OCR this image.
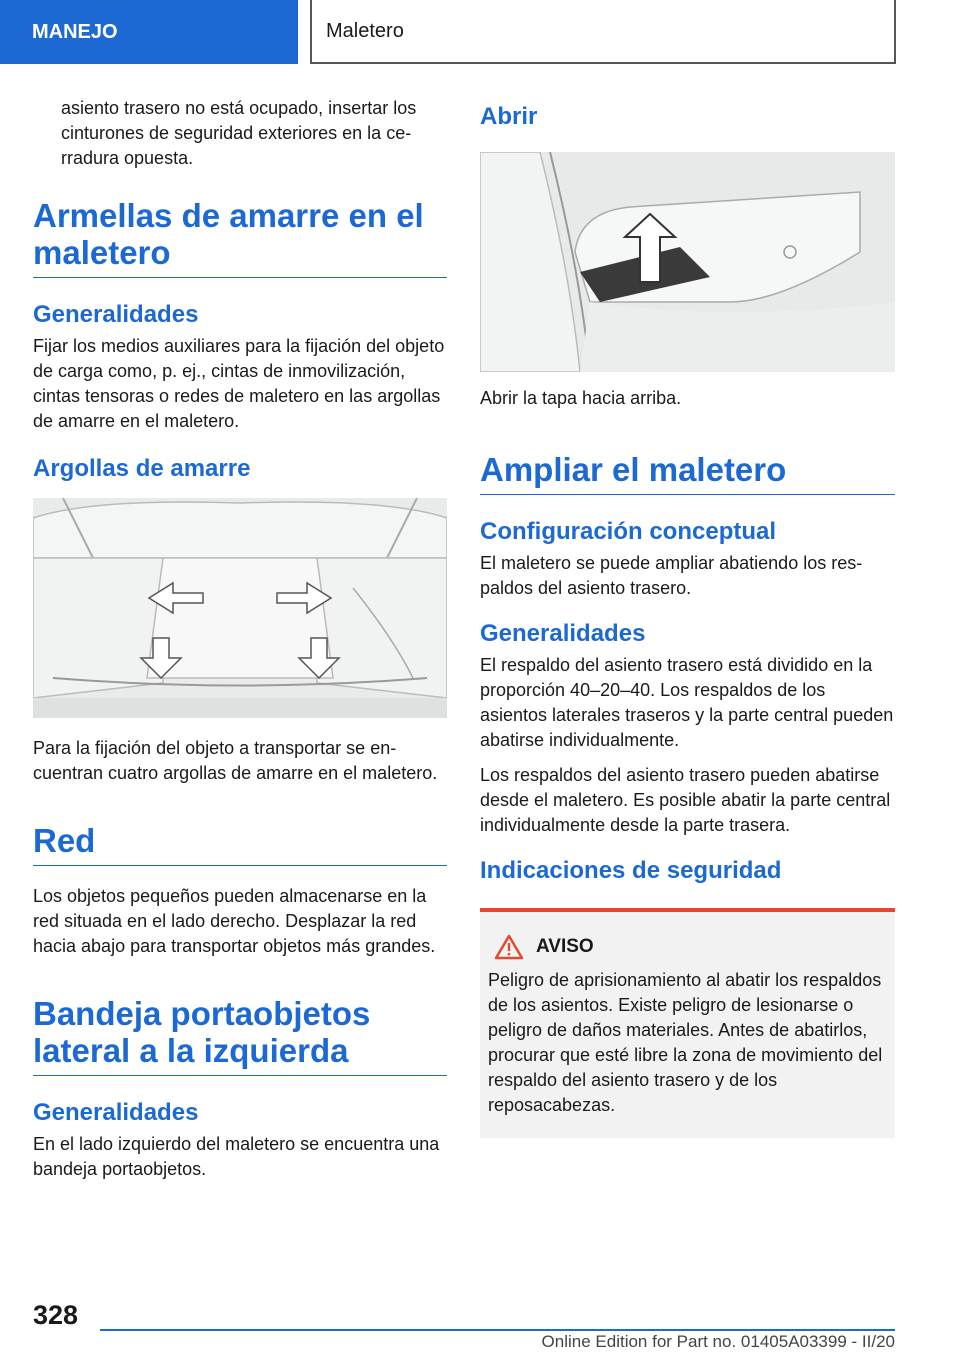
MANEJO	Maletero

asiento trasero no está ocupado, insertar los cinturones de seguridad exteriores en la cerradura opuesta.

Armellas de amarre en el maletero
Generalidades

Fijar los medios auxiliares para la fijación del objeto de carga como, p. ej., cintas de inmovilización, cintas tensoras o redes de maletero en las argollas de amarre en el maletero.

Argollas de amarre

Para la fijación del objeto a transportar se encuentran cuatro argollas de amarre en el maletero.

Red

Los objetos pequeños pueden almacenarse en la red situada en el lado derecho. Desplazar la red hacia abajo para transportar objetos más grandes.

Bandeja portaobjetos lateral a la izquierda
Generalidades

En el lado izquierdo del maletero se encuentra una bandeja portaobjetos.

Abrir

Abrir la tapa hacia arriba.

Ampliar el maletero
Configuración conceptual

El maletero se puede ampliar abatiendo los respaldos del asiento trasero.

Generalidades

El respaldo del asiento trasero está dividido en la proporción 40–20–40. Los respaldos de los asientos laterales traseros y la parte central pueden abatirse individualmente.

Los respaldos del asiento trasero pueden abatirse desde el maletero. Es posible abatir la parte central individualmente desde la parte trasera.

Indicaciones de seguridad
AVISO

Peligro de aprisionamiento al abatir los respaldos de los asientos. Existe peligro de lesionarse o peligro de daños materiales. Antes de abatirlos, procurar que esté libre la zona de movimiento del respaldo del asiento trasero y de los reposacabezas.

328
Online Edition for Part no. 01405A03399 - II/20
